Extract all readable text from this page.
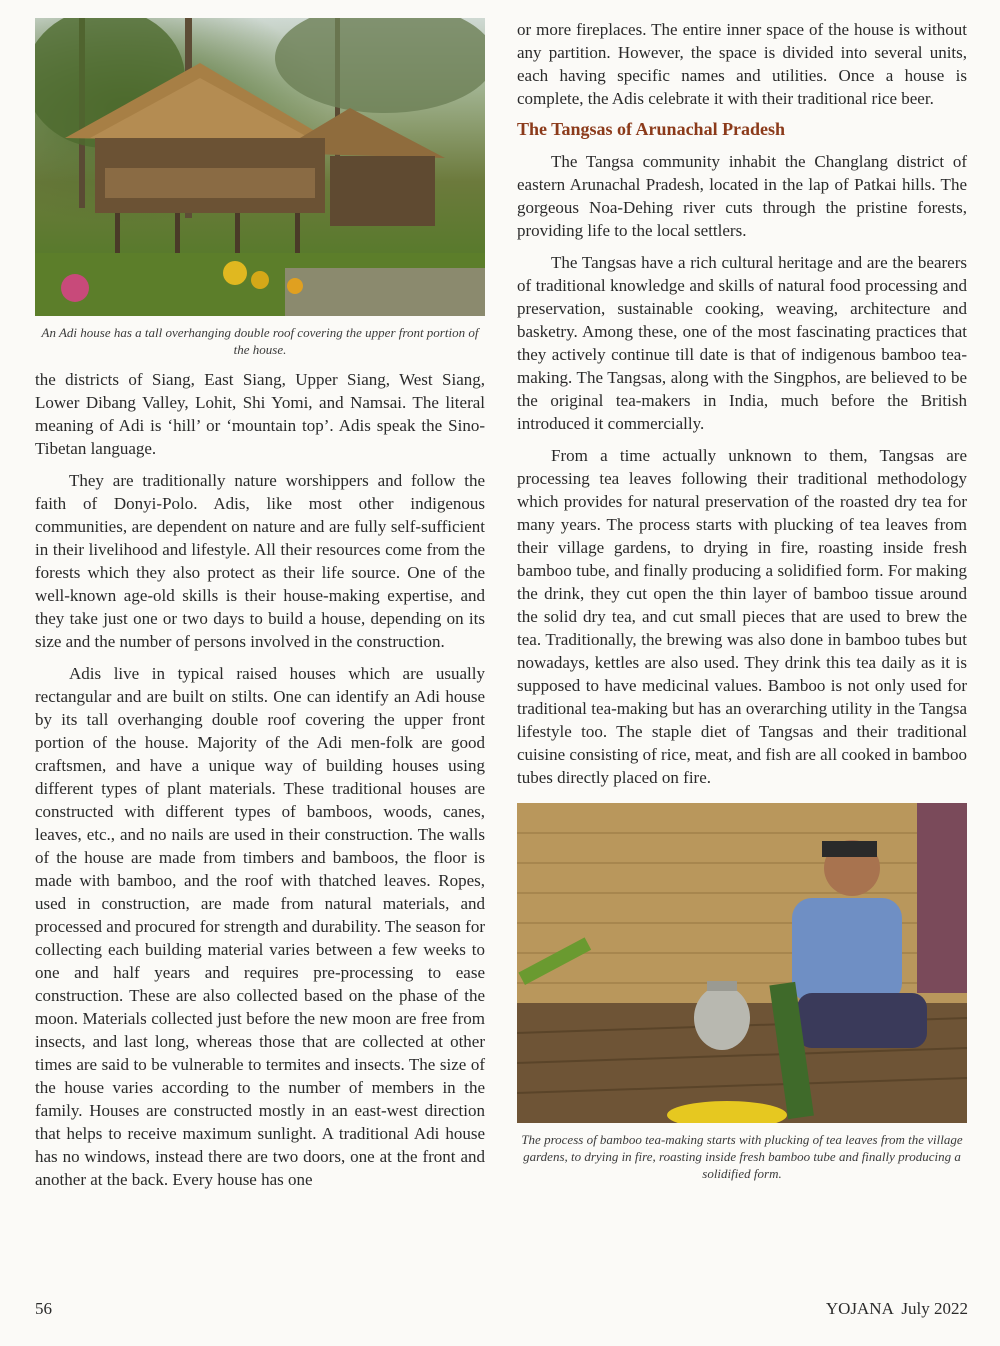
An Adi house has a tall overhanging double roof covering the upper front portion of the house.

the districts of Siang, East Siang, Upper Siang, West Siang, Lower Dibang Valley, Lohit, Shi Yomi, and Namsai. The literal meaning of Adi is ‘hill’ or ‘mountain top’. Adis speak the Sino-Tibetan language.

They are traditionally nature worshippers and follow the faith of Donyi-Polo. Adis, like most other indigenous communities, are dependent on nature and are fully self-sufficient in their livelihood and lifestyle. All their resources come from the forests which they also protect as their life source. One of the well-known age-old skills is their house-making expertise, and they take just one or two days to build a house, depending on its size and the number of persons involved in the construction.

Adis live in typical raised houses which are usually rectangular and are built on stilts. One can identify an Adi house by its tall overhanging double roof covering the upper front portion of the house. Majority of the Adi men-folk are good craftsmen, and have a unique way of building houses using different types of plant materials. These traditional houses are constructed with different types of bamboos, woods, canes, leaves, etc., and no nails are used in their construction. The walls of the house are made from timbers and bamboos, the floor is made with bamboo, and the roof with thatched leaves. Ropes, used in construction, are made from natural materials, and processed and procured for strength and durability. The season for collecting each building material varies between a few weeks to one and half years and requires pre-processing to ease construction. These are also collected based on the phase of the moon. Materials collected just before the new moon are free from insects, and last long, whereas those that are collected at other times are said to be vulnerable to termites and insects. The size of the house varies according to the number of members in the family. Houses are constructed mostly in an east-west direction that helps to receive maximum sunlight. A traditional Adi house has no windows, instead there are two doors, one at the front and another at the back. Every house has one

or more fireplaces. The entire inner space of the house is without any partition. However, the space is divided into several units, each having specific names and utilities. Once a house is complete, the Adis celebrate it with their traditional rice beer.

The Tangsas of Arunachal Pradesh

The Tangsa community inhabit the Changlang district of eastern Arunachal Pradesh, located in the lap of Patkai hills. The gorgeous Noa-Dehing river cuts through the pristine forests, providing life to the local settlers.

The Tangsas have a rich cultural heritage and are the bearers of traditional knowledge and skills of natural food processing and preservation, sustainable cooking, weaving, architecture and basketry. Among these, one of the most fascinating practices that they actively continue till date is that of indigenous bamboo tea-making. The Tangsas, along with the Singphos, are believed to be the original tea-makers in India, much before the British introduced it commercially.

From a time actually unknown to them, Tangsas are processing tea leaves following their traditional methodology which provides for natural preservation of the roasted dry tea for many years. The process starts with plucking of tea leaves from their village gardens, to drying in fire, roasting inside fresh bamboo tube, and finally producing a solidified form. For making the drink, they cut open the thin layer of bamboo tissue around the solid dry tea, and cut small pieces that are used to brew the tea. Traditionally, the brewing was also done in bamboo tubes but nowadays, kettles are also used. They drink this tea daily as it is supposed to have medicinal values. Bamboo is not only used for traditional tea-making but has an overarching utility in the Tangsa lifestyle too. The staple diet of Tangsas and their traditional cuisine consisting of rice, meat, and fish are all cooked in bamboo tubes directly placed on fire.

The process of bamboo tea-making starts with plucking of tea leaves from the village gardens, to drying in fire, roasting inside fresh bamboo tube and finally producing a solidified form.
56	YOJANA  July 2022
